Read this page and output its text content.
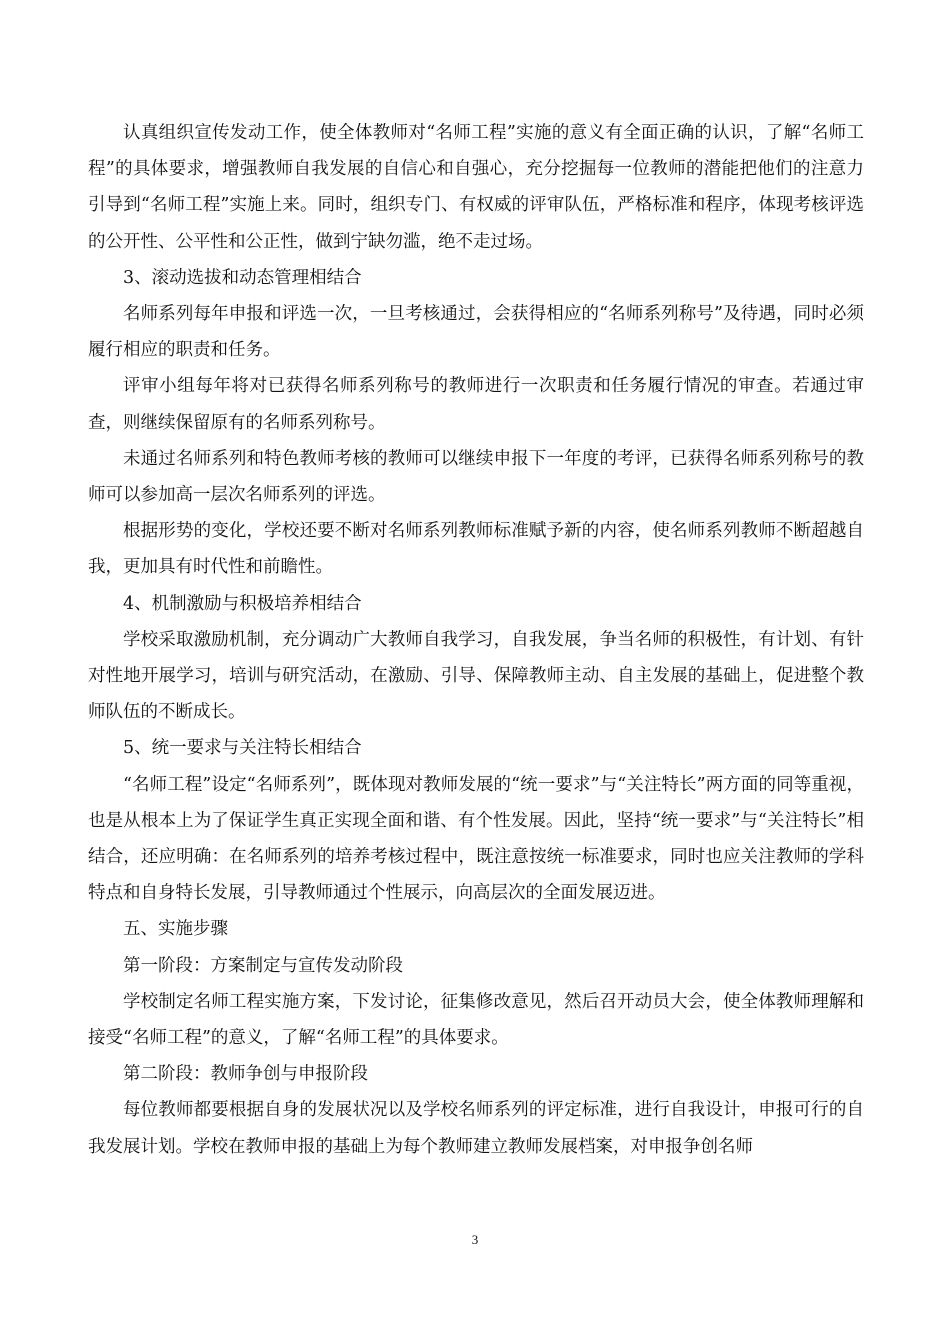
认真组织宣传发动工作，使全体教师对“名师工程”实施的意义有全面正确的认识，了解“名师工程”的具体要求，增强教师自我发展的自信心和自强心，充分挖掘每一位教师的潜能把他们的注意力引导到“名师工程”实施上来。同时，组织专门、有权威的评审队伍，严格标准和程序，体现考核评选的公开性、公平性和公正性，做到宁缺勿滥，绝不走过场。

3、滚动选拔和动态管理相结合

名师系列每年申报和评选一次，一旦考核通过，会获得相应的“名师系列称号”及待遇，同时必须履行相应的职责和任务。

评审小组每年将对已获得名师系列称号的教师进行一次职责和任务履行情况的审查。若通过审查，则继续保留原有的名师系列称号。

未通过名师系列和特色教师考核的教师可以继续申报下一年度的考评，已获得名师系列称号的教师可以参加高一层次名师系列的评选。

根据形势的变化，学校还要不断对名师系列教师标准赋予新的内容，使名师系列教师不断超越自我，更加具有时代性和前瞻性。

4、机制激励与积极培养相结合

学校采取激励机制，充分调动广大教师自我学习，自我发展，争当名师的积极性，有计划、有针对性地开展学习，培训与研究活动，在激励、引导、保障教师主动、自主发展的基础上，促进整个教师队伍的不断成长。

5、统一要求与关注特长相结合

“名师工程”设定“名师系列”，既体现对教师发展的“统一要求”与“关注特长”两方面的同等重视，也是从根本上为了保证学生真正实现全面和谐、有个性发展。因此，坚持“统一要求”与“关注特长”相结合，还应明确：在名师系列的培养考核过程中，既注意按统一标准要求，同时也应关注教师的学科特点和自身特长发展，引导教师通过个性展示，向高层次的全面发展迈进。

五、实施步骤

第一阶段：方案制定与宣传发动阶段

学校制定名师工程实施方案，下发讨论，征集修改意见，然后召开动员大会，使全体教师理解和接受“名师工程”的意义，了解“名师工程”的具体要求。

第二阶段：教师争创与申报阶段

每位教师都要根据自身的发展状况以及学校名师系列的评定标准，进行自我设计，申报可行的自我发展计划。学校在教师申报的基础上为每个教师建立教师发展档案，对申报争创名师

3
